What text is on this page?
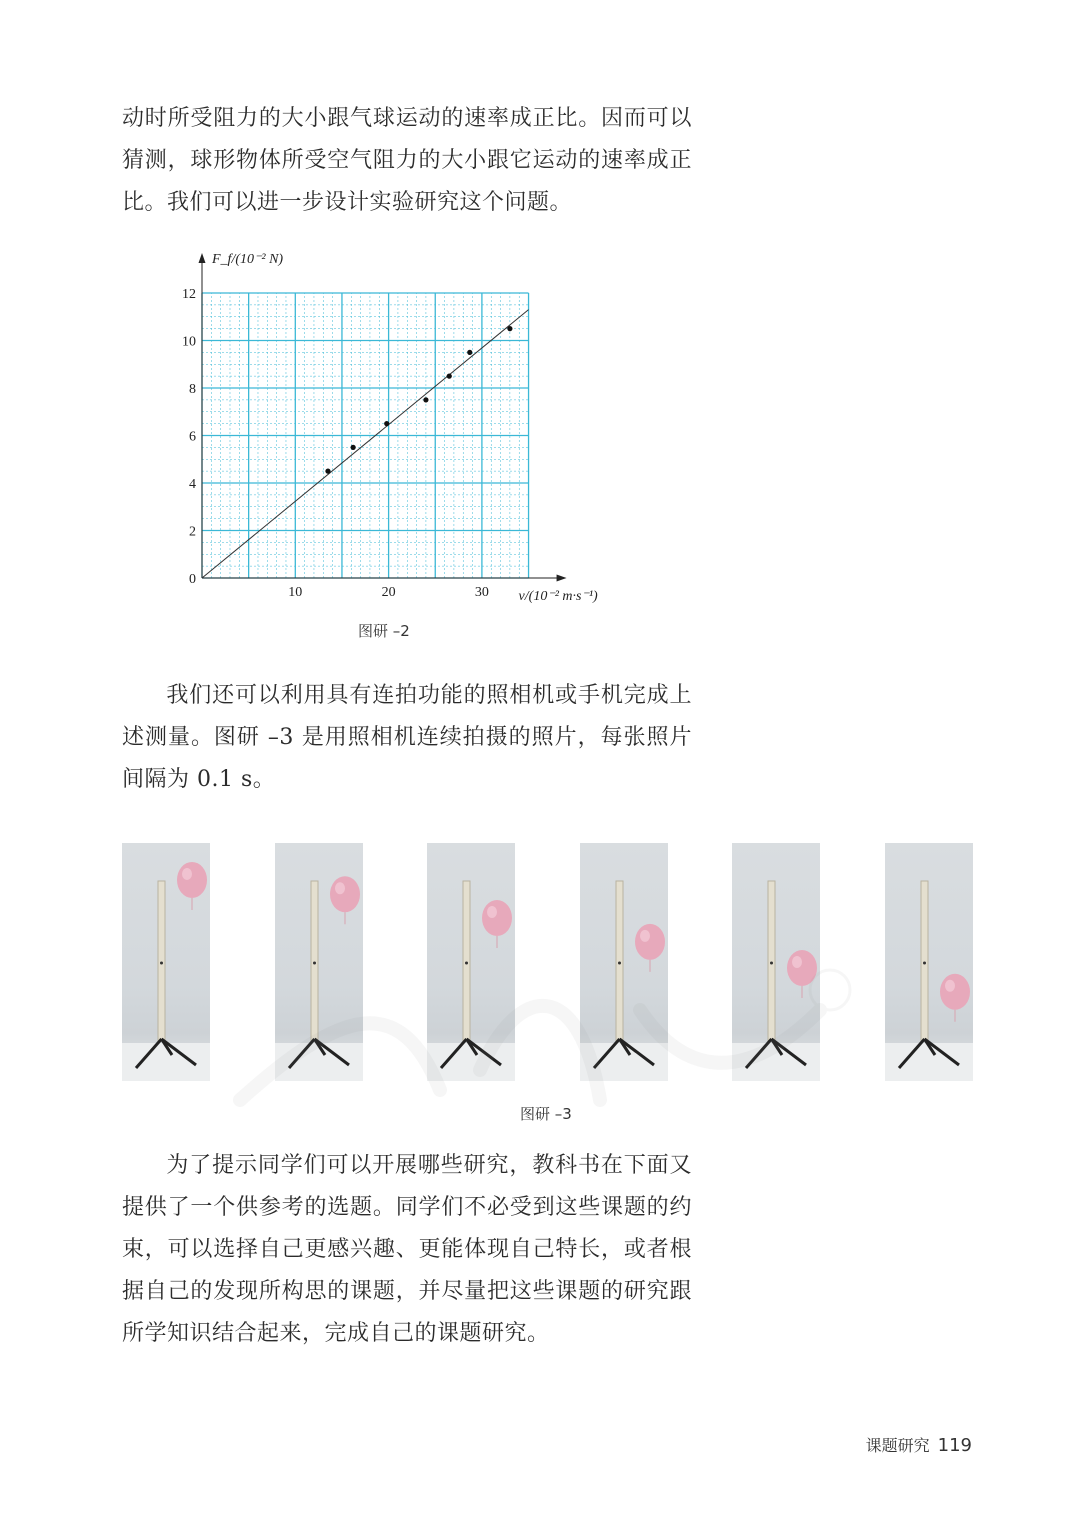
动时所受阻力的大小跟气球运动的速率成正比。因而可以猜测，球形物体所受空气阻力的大小跟它运动的速率成正比。我们可以进一步设计实验研究这个问题。

0
2
4
6
8
10
12
10	20	30
F_f/(10⁻² N)
v/(10⁻² m·s⁻¹)
图研 –2

我们还可以利用具有连拍功能的照相机或手机完成上述测量。图研 –3 是用照相机连续拍摄的照片，每张照片间隔为 0.1 s。

图研 –3

为了提示同学们可以开展哪些研究，教科书在下面又提供了一个供参考的选题。同学们不必受到这些课题的约束，可以选择自己更感兴趣、更能体现自己特长，或者根据自己的发现所构思的课题，并尽量把这些课题的研究跟所学知识结合起来，完成自己的课题研究。

课题研究 119
